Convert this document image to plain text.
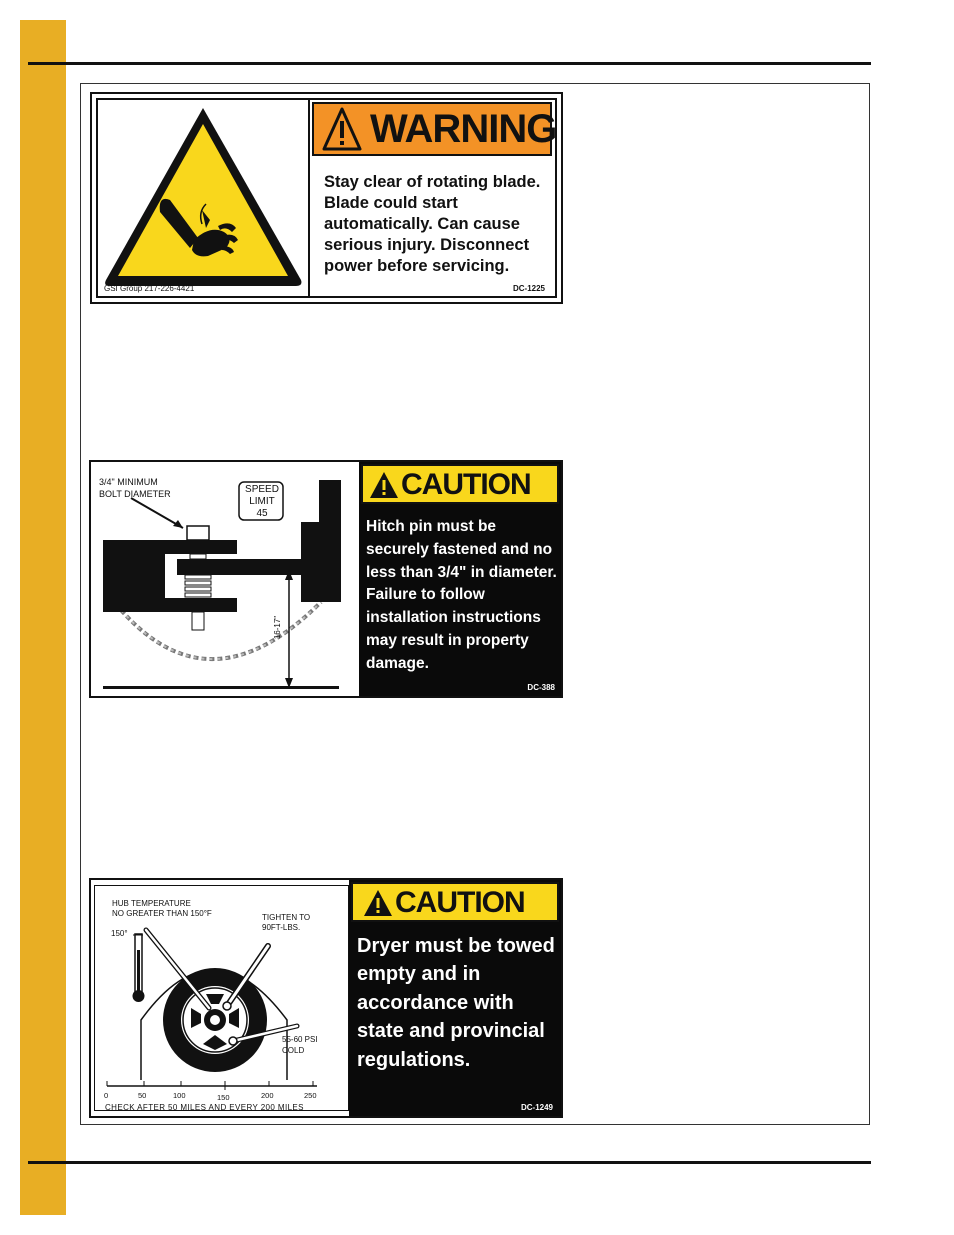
GSI Group 217-226-4421
WARNING
Stay clear of rotating blade. Blade could start automatically. Can cause serious injury. Disconnect power before servicing.
DC-1225
3/4" MINIMUM
BOLT DIAMETER	SPEED
LIMIT
45
16-17"
CAUTION
Hitch pin must be securely fastened and no less than 3/4" in diameter. Failure to follow installation instructions may result in property damage.
DC-388
HUB TEMPERATURE
NO GREATER THAN 150°F
150°
TIGHTEN TO
90FT-LBS.
55-60 PSI
COLD
0	50	100	150	200	250
CHECK AFTER 50 MILES AND EVERY 200 MILES
CAUTION
Dryer must be towed empty and in accordance with state and provincial regulations.
DC-1249
